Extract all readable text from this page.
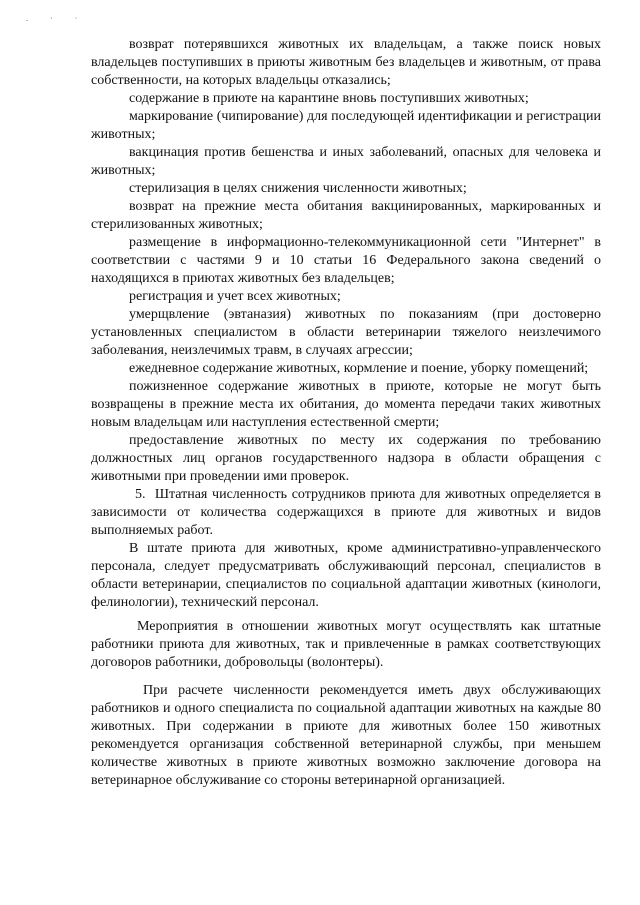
. · ·

возврат потерявшихся животных их владельцам, а также поиск новых владельцев поступивших в приюты животным без владельцев и животным, от права собственности, на которых владельцы отказались;

содержание в приюте на карантине вновь поступивших животных;

маркирование (чипирование) для последующей идентификации и регистрации животных;

вакцинация против бешенства и иных заболеваний, опасных для человека и животных;

стерилизация в целях снижения численности животных;

возврат на прежние места обитания вакцинированных, маркированных и стерилизованных животных;

размещение в информационно-телекоммуникационной сети "Интернет" в соответствии с частями 9 и 10 статьи 16 Федерального закона сведений о находящихся в приютах животных без владельцев;

регистрация и учет всех животных;

умерщвление (эвтаназия) животных по показаниям (при достоверно установленных специалистом в области ветеринарии тяжелого неизлечимого заболевания, неизлечимых травм, в случаях агрессии;

ежедневное содержание животных, кормление и поение, уборку помещений;

пожизненное содержание животных в приюте, которые не могут быть возвращены в прежние места их обитания, до момента передачи таких животных новым владельцам или наступления естественной смерти;

предоставление животных по месту их содержания по требованию должностных лиц органов государственного надзора в области обращения с животными при проведении ими проверок.

5.  Штатная численность сотрудников приюта для животных определяется в зависимости от количества содержащихся в приюте для животных и видов выполняемых работ.

В штате приюта для животных, кроме административно-управленческого персонала, следует предусматривать обслуживающий персонал, специалистов в области ветеринарии, специалистов по социальной адаптации животных (кинологи, фелинологии), технический персонал.

Мероприятия в отношении животных могут осуществлять как штатные работники приюта для животных, так и привлеченные в рамках соответствующих договоров работники, добровольцы (волонтеры).

При расчете численности рекомендуется иметь двух обслуживающих работников и одного специалиста по социальной адаптации животных на каждые 80 животных. При содержании в приюте для животных более 150 животных рекомендуется организация собственной ветеринарной службы, при меньшем количестве животных в приюте животных возможно заключение договора на ветеринарное обслуживание со стороны ветеринарной организацией.
